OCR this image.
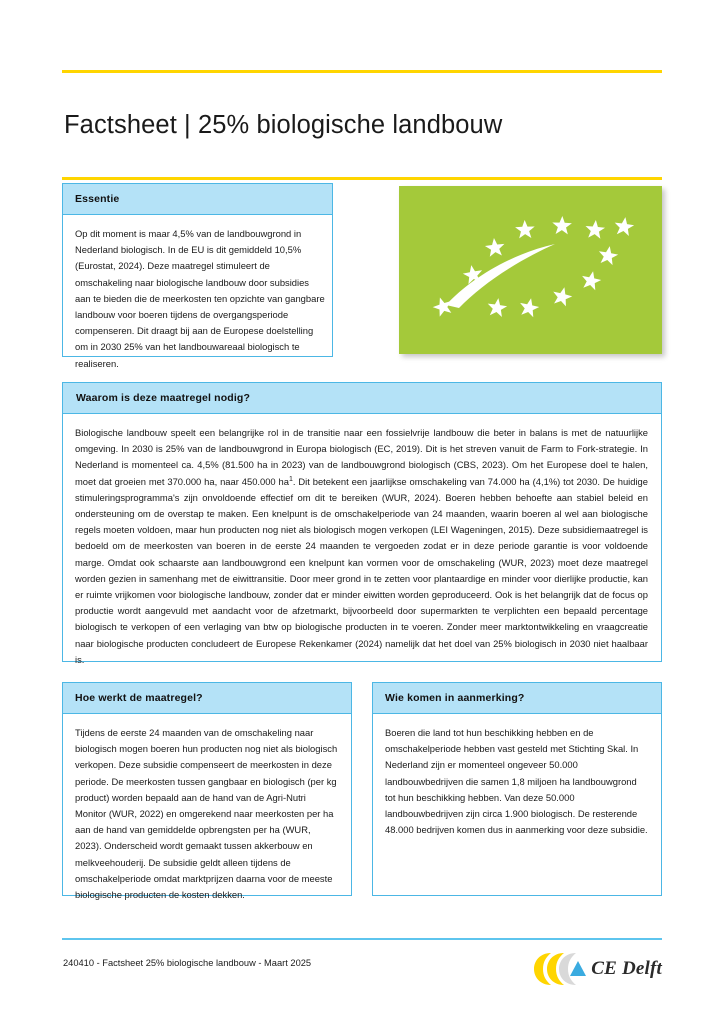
Factsheet | 25% biologische landbouw
Essentie
Op dit moment is maar 4,5% van de landbouwgrond in Nederland biologisch. In de EU is dit gemiddeld 10,5% (Eurostat, 2024). Deze maatregel stimuleert de omschakeling naar biologische landbouw door subsidies aan te bieden die de meerkosten ten opzichte van gangbare landbouw voor boeren tijdens de overgangsperiode compenseren. Dit draagt bij aan de Europese doelstelling om in 2030 25% van het landbouwareaal biologisch te realiseren.
Waarom is deze maatregel nodig?

Biologische landbouw speelt een belangrijke rol in de transitie naar een fossielvrije landbouw die beter in balans is met de natuurlijke omgeving. In 2030 is 25% van de landbouwgrond in Europa biologisch (EC, 2019). Dit is het streven vanuit de Farm to Fork-strategie. In Nederland is momenteel ca. 4,5% (81.500 ha in 2023) van de landbouwgrond biologisch (CBS, 2023). Om het Europese doel te halen, moet dat groeien met 370.000 ha, naar 450.000 $ha^1$. Dit betekent een jaarlijkse omschakeling van 74.000 ha (4,1%) tot 2030. De huidige stimuleringsprogramma's zijn onvoldoende effectief om dit te bereiken (WUR, 2024). Boeren hebben behoefte aan stabiel beleid en ondersteuning om de overstap te maken. Een knelpunt is de omschakelperiode van 24 maanden, waarin boeren al wel aan biologische regels moeten voldoen, maar hun producten nog niet als biologisch mogen verkopen (LEI Wageningen, 2015). Deze subsidiemaatregel is bedoeld om de meerkosten van boeren in de eerste 24 maanden te vergoeden zodat er in deze periode garantie is voor voldoende marge. Omdat ook schaarste aan landbouwgrond een knelpunt kan vormen voor de omschakeling (WUR, 2023) moet deze maatregel worden gezien in samenhang met de eiwittransitie. Door meer grond in te zetten voor plantaardige en minder voor dierlijke productie, kan er ruimte vrijkomen voor biologische landbouw, zonder dat er minder eiwitten worden geproduceerd. Ook is het belangrijk dat de focus op productie wordt aangevuld met aandacht voor de afzetmarkt, bijvoorbeeld door supermarkten te verplichten een bepaald percentage biologisch te verkopen of een verlaging van btw op biologische producten in te voeren. Zonder meer marktontwikkeling en vraagcreatie naar biologische producten concludeert de Europese Rekenkamer (2024) namelijk dat het doel van 25% biologisch in 2030 niet haalbaar is.

Hoe werkt de maatregel?
Tijdens de eerste 24 maanden van de omschakeling naar biologisch mogen boeren hun producten nog niet als biologisch verkopen. Deze subsidie compenseert de meerkosten in deze periode. De meerkosten tussen gangbaar en biologisch (per kg product) worden bepaald aan de hand van de Agri-Nutri Monitor (WUR, 2022) en omgerekend naar meerkosten per ha aan de hand van gemiddelde opbrengsten per ha (WUR, 2023). Onderscheid wordt gemaakt tussen akkerbouw en melkveehouderij. De subsidie geldt alleen tijdens de omschakelperiode omdat marktprijzen daarna voor de meeste biologische producten de kosten dekken.
Wie komen in aanmerking?
Boeren die land tot hun beschikking hebben en de omschakelperiode hebben vast gesteld met Stichting Skal. In Nederland zijn er momenteel ongeveer 50.000 landbouwbedrijven die samen 1,8 miljoen ha landbouwgrond tot hun beschikking hebben. Van deze 50.000 landbouwbedrijven zijn circa 1.900 biologisch. De resterende 48.000 bedrijven komen dus in aanmerking voor deze subsidie.
240410 - Factsheet 25% biologische landbouw - Maart 2025	CE Delft
